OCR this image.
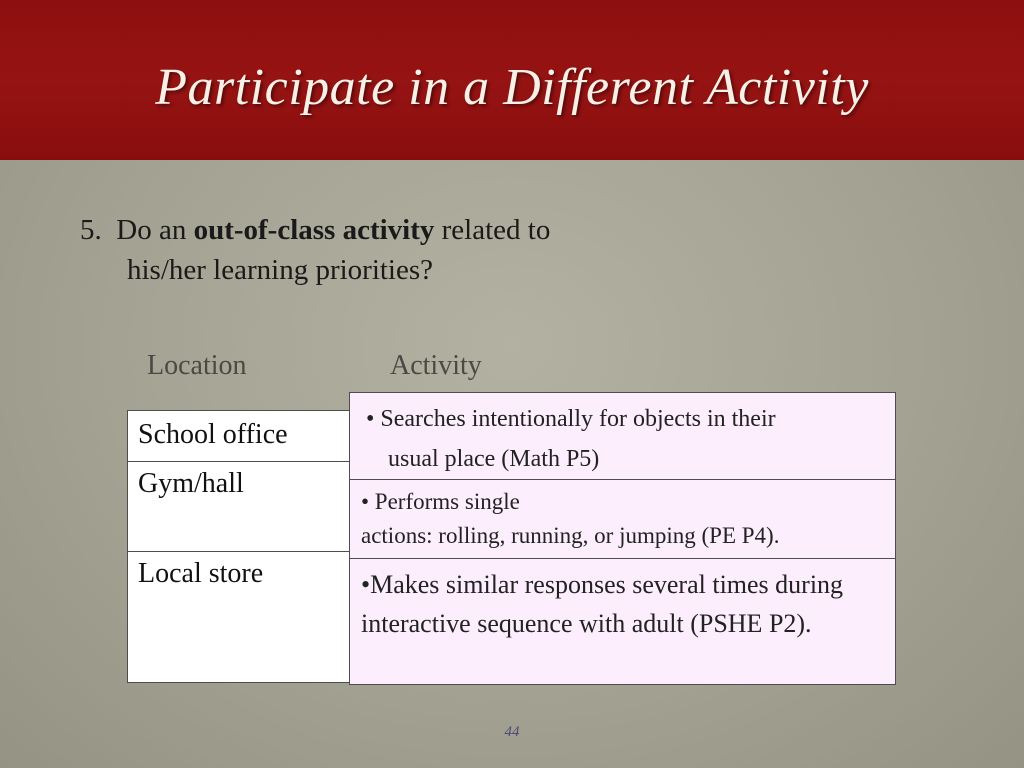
Participate in a Different Activity
5. Do an out-of-class activity related to
his/her learning priorities?
Location	Activity
School office
Gym/hall
Local store
• Searches intentionally for objects in their
usual place (Math P5)
• Performs single
actions: rolling, running, or jumping (PE P4).
•Makes similar responses several times during interactive sequence with adult (PSHE P2).
44
